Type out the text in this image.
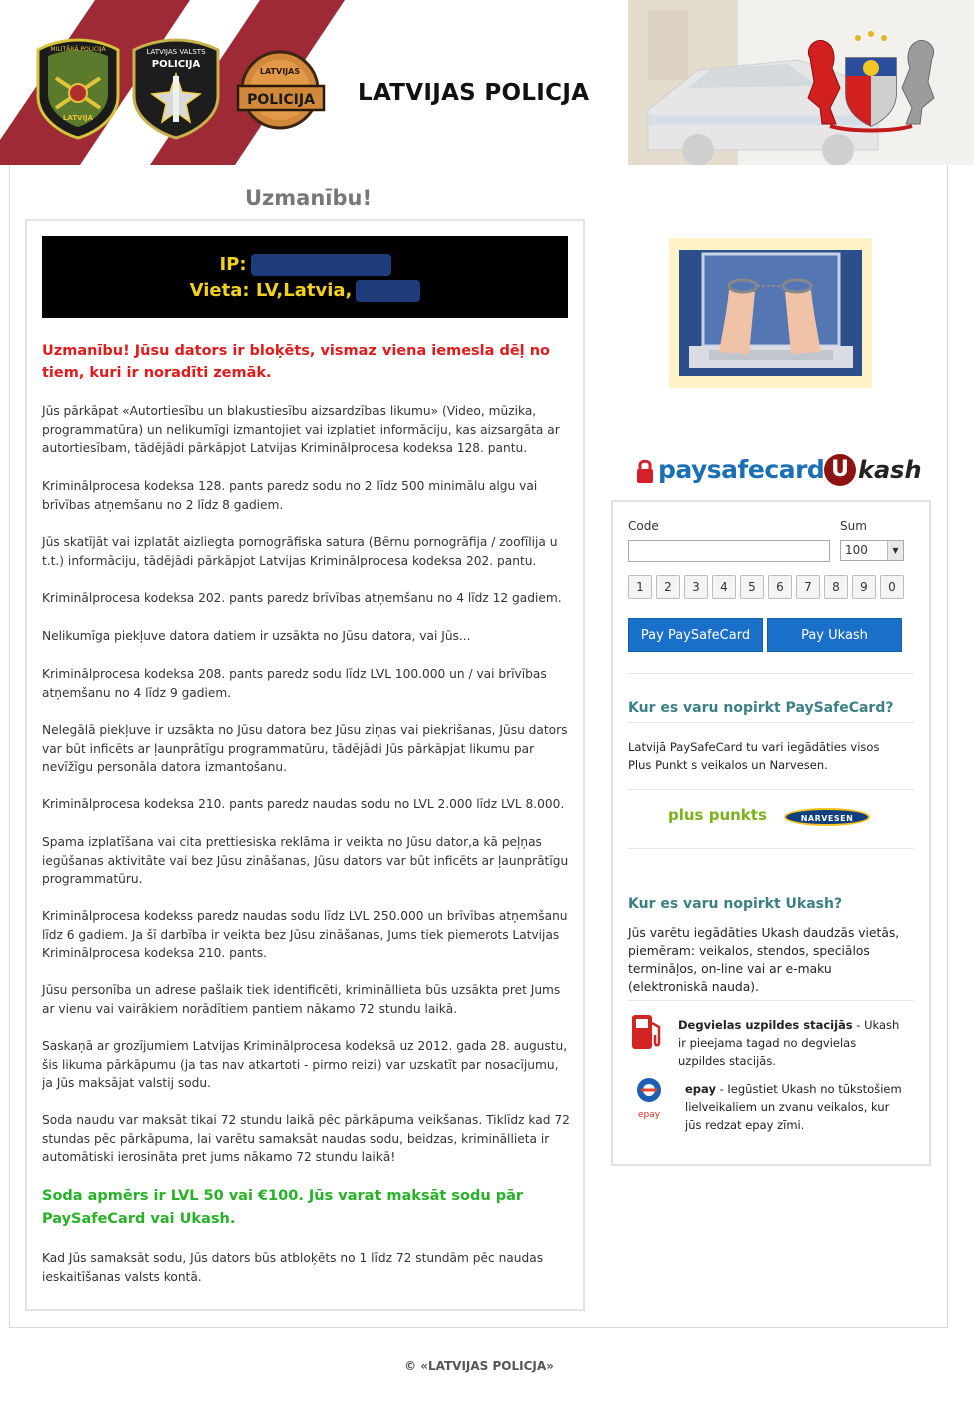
MILITĀRĀ POLICIJA
LATVIJA
LATVIJAS VALSTS
POLICIJA
LATVIJAS
POLICIJA LATVIJAS POLICJA
Uzmanību!
IP:
Vieta: LV,Latvia,
Uzmanību! Jūsu dators ir bloķēts, vismaz viena iemesla dēļ no tiem, kuri ir noradīti zemāk.
Jūs pārkāpat «Autortiesību un blakustiesību aizsardzības likumu» (Video, mūzika, programmatūra) un nelikumīgi izmantojiet vai izplatiet informāciju, kas aizsargāta ar autortiesībam, tādējādi pārkāpjot Latvijas Kriminālprocesa kodeksa 128. pantu.
Kriminālprocesa kodeksa 128. pants paredz sodu no 2 līdz 500 minimālu algu vai brīvības atņemšanu no 2 līdz 8 gadiem.
Jūs skatījāt vai izplatāt aizliegta pornogrāfiska satura (Bērnu pornogrāfija / zoofīlija u t.t.) informāciju, tādējādi pārkāpjot Latvijas Kriminālprocesa kodeksa 202. pantu.
Kriminālprocesa kodeksa 202. pants paredz brīvības atņemšanu no 4 līdz 12 gadiem.
Nelikumīga piekļuve datora datiem ir uzsākta no Jūsu datora, vai Jūs...
Kriminālprocesa kodeksa 208. pants paredz sodu līdz LVL 100.000 un / vai brīvības atņemšanu no 4 līdz 9 gadiem.
Nelegālā piekļuve ir uzsākta no Jūsu datora bez Jūsu ziņas vai piekrišanas, Jūsu dators var būt inficēts ar ļaunprātīgu programmatūru, tādējādi Jūs pārkāpjat likumu par nevīžīgu personāla datora izmantošanu.
Kriminālprocesa kodeksa 210. pants paredz naudas sodu no LVL 2.000 līdz LVL 8.000.
Spama izplatīšana vai cita prettiesiska reklāma ir veikta no Jūsu dator,a kā peļņas iegūšanas aktivitāte vai bez Jūsu zināšanas, Jūsu dators var būt inficēts ar ļaunprātīgu programmatūru.
Kriminālprocesa kodekss paredz naudas sodu līdz LVL 250.000 un brīvības atņemšanu līdz 6 gadiem. Ja šī darbība ir veikta bez Jūsu zināšanas, Jums tiek piemerots Latvijas Kriminālprocesa kodeksa 210. pants.
Jūsu personība un adrese pašlaik tiek identificēti, krimināllieta būs uzsākta pret Jums ar vienu vai vairākiem norādītiem pantiem nākamo 72 stundu laikā.
Saskaņā ar grozījumiem Latvijas Kriminālprocesa kodeksā uz 2012. gada 28. augustu, šis likuma pārkāpumu (ja tas nav atkartoti - pirmo reizi) var uzskatīt par nosacījumu, ja Jūs maksājat valstij sodu.
Soda naudu var maksāt tikai 72 stundu laikā pēc pārkāpuma veikšanas. Tiklīdz kad 72 stundas pēc pārkāpuma, lai varētu samaksāt naudas sodu, beidzas, krimināllieta ir automātiski ierosināta pret jums nākamo 72 stundu laikā!
Soda apmērs ir LVL 50 vai €100. Jūs varat maksāt sodu pār PaySafeCard vai Ukash.
Kad Jūs samaksāt sodu, Jūs dators būs atbloķēts no 1 līdz 72 stundām pēc naudas ieskaitīšanas valsts kontā.
paysafecard U kash
Code	Sum
100	▼
1	2	3	4	5	6	7	8	9	0
Pay PaySafeCard	Pay Ukash
Kur es varu nopirkt PaySafeCard?
Latvijā PaySafeCard tu vari iegādāties visos Plus Punkt s veikalos un Narvesen.
plus punkts	NARVESEN
Kur es varu nopirkt Ukash?
Jūs varētu iegādāties Ukash daudzās vietās, piemēram: veikalos, stendos, speciālos termināļos, on-line vai ar e-maku (elektroniskā nauda).
Degvielas uzpildes stacijās - Ukash ir pieejama tagad no degvielas uzpildes stacijās.
epay
epay - Iegūstiet Ukash no tūkstošiem lielveikaliem un zvanu veikalos, kur jūs redzat epay zīmi.
© «LATVIJAS POLICJA»
